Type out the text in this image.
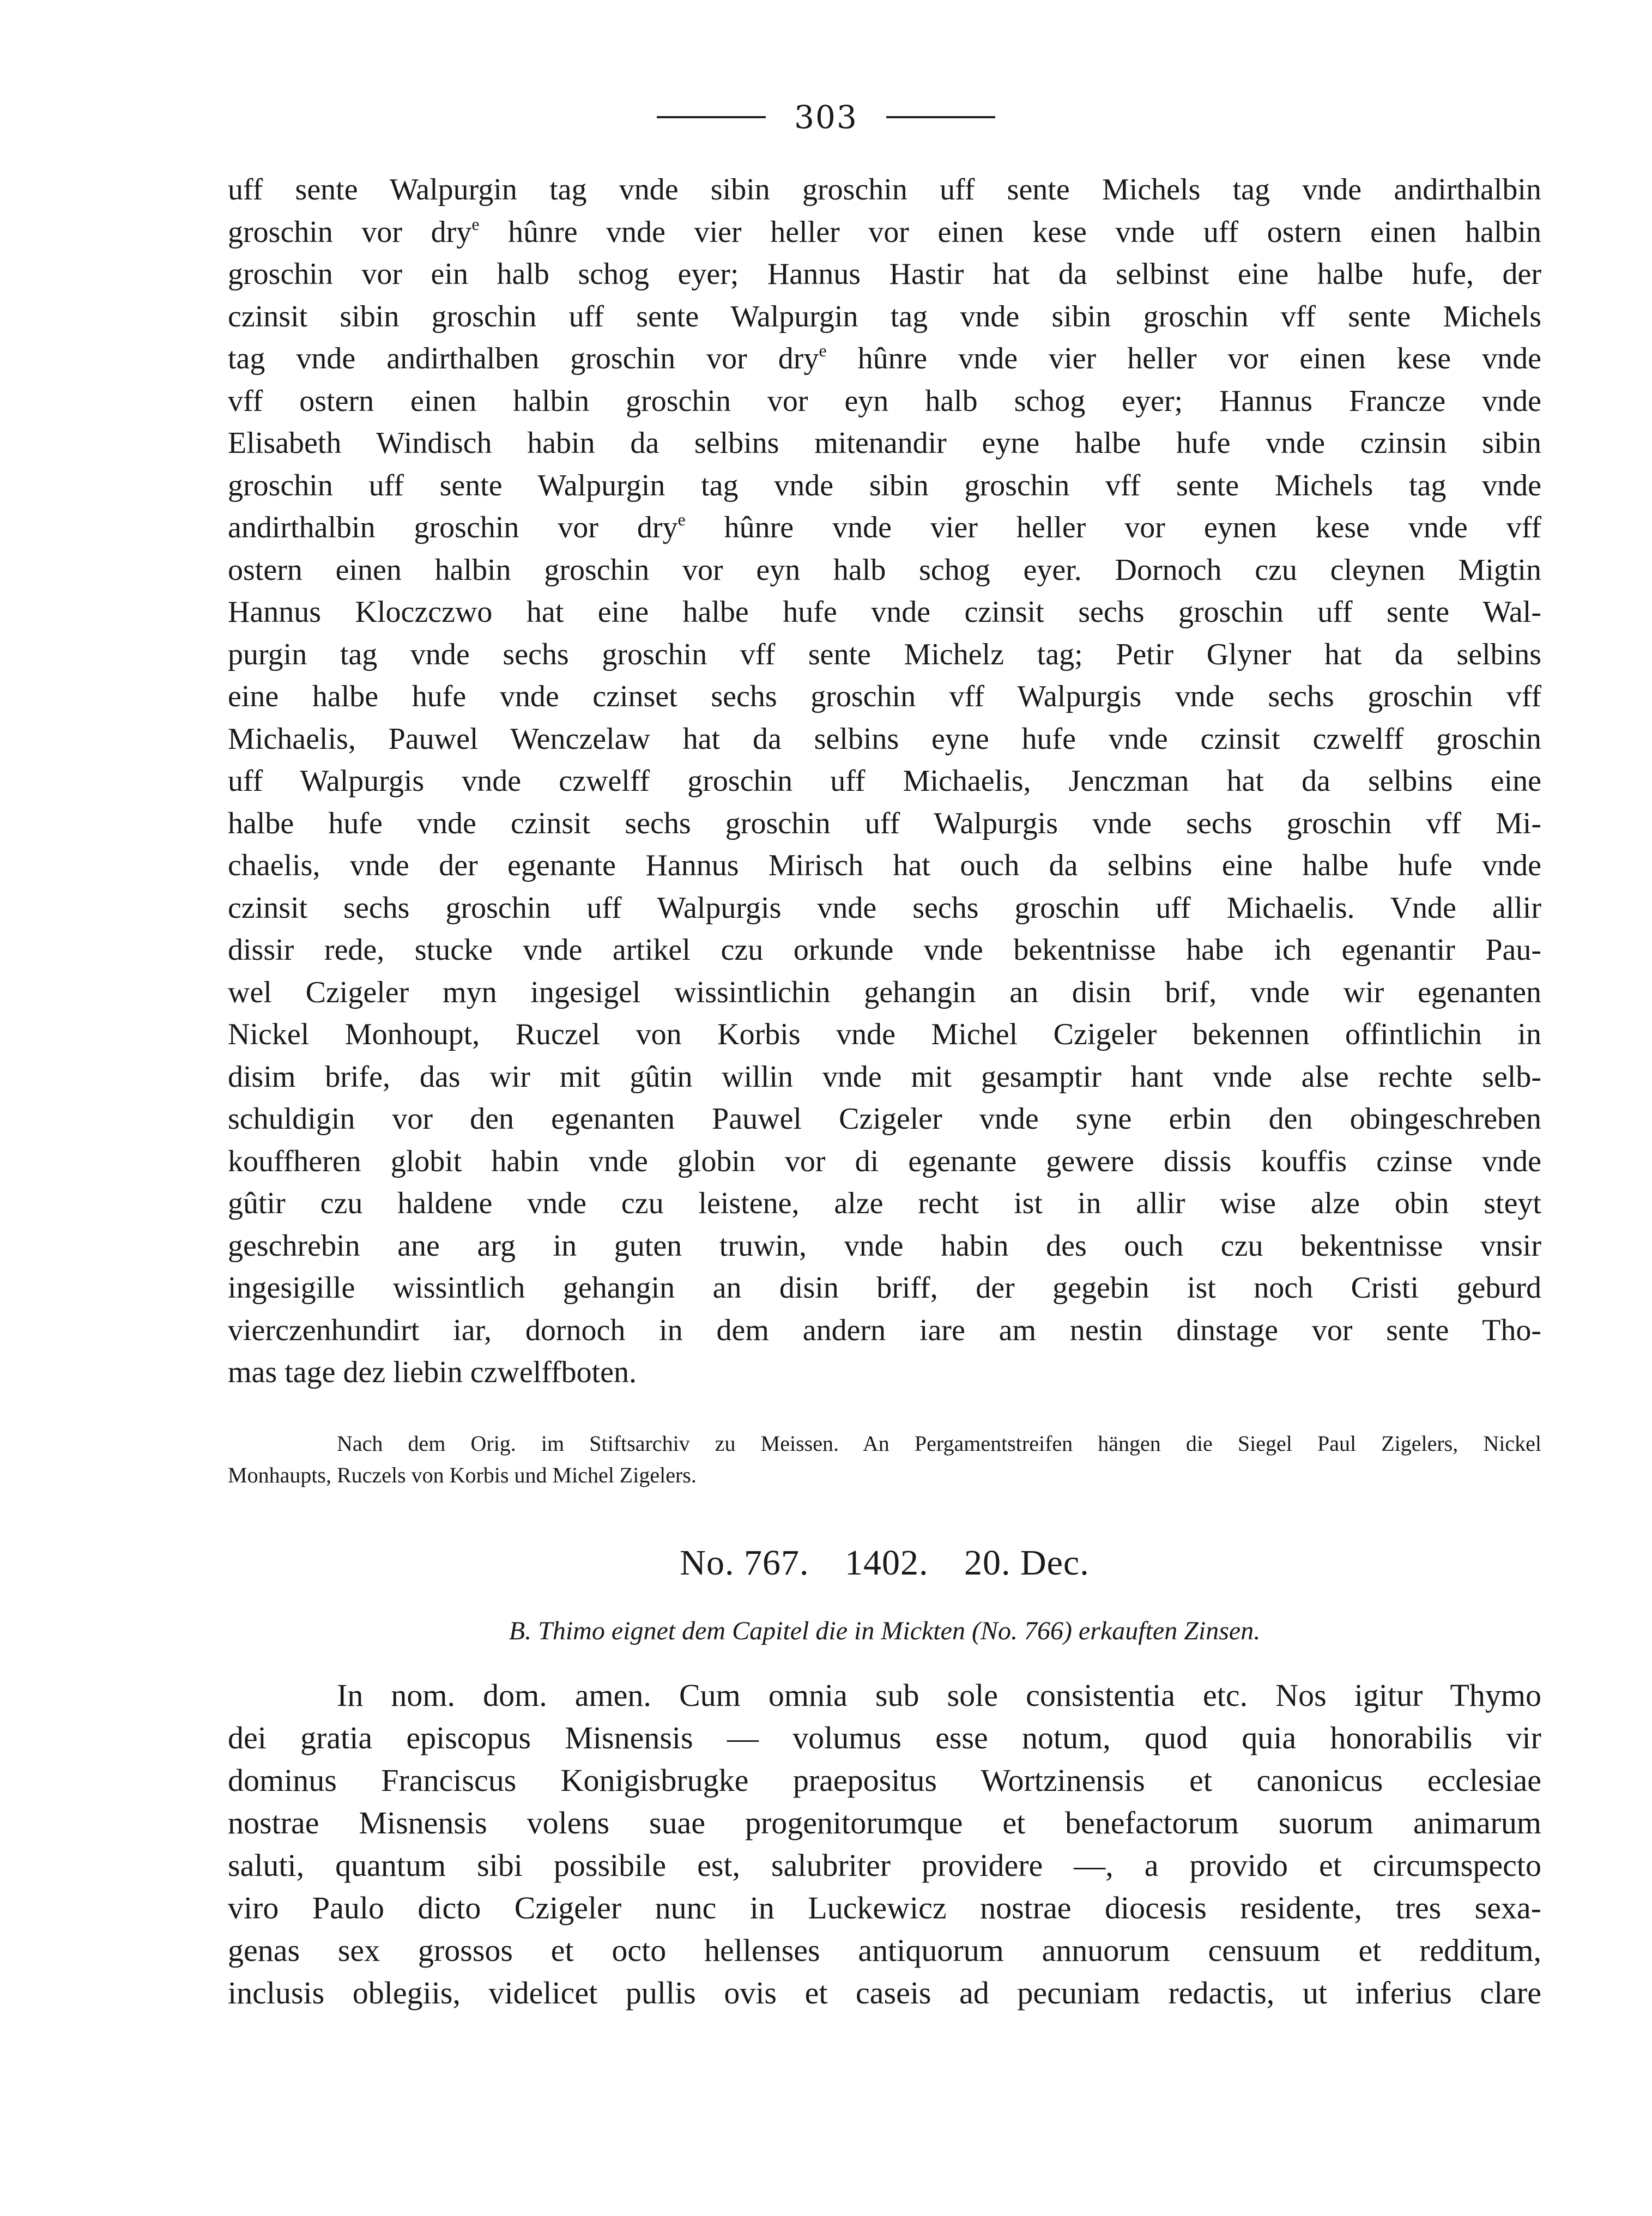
303
uff sente Walpurgin tag vnde sibin groschin uff sente Michels tag vnde andirthalbin
groschin vor dry$^e$ hûnre vnde vier heller vor einen kese vnde uff ostern einen halbin
groschin vor ein halb schog eyer; Hannus Hastir hat da selbinst eine halbe hufe, der
czinsit sibin groschin uff sente Walpurgin tag vnde sibin groschin vff sente Michels
tag vnde andirthalben groschin vor dry$^e$ hûnre vnde vier heller vor einen kese vnde
vff ostern einen halbin groschin vor eyn halb schog eyer; Hannus Francze vnde
Elisabeth Windisch habin da selbins mitenandir eyne halbe hufe vnde czinsin sibin
groschin uff sente Walpurgin tag vnde sibin groschin vff sente Michels tag vnde
andirthalbin groschin vor dry$^e$ hûnre vnde vier heller vor eynen kese vnde vff
ostern einen halbin groschin vor eyn halb schog eyer. Dornoch czu cleynen Migtin
Hannus Kloczczwo hat eine halbe hufe vnde czinsit sechs groschin uff sente Wal-
purgin tag vnde sechs groschin vff sente Michelz tag; Petir Glyner hat da selbins
eine halbe hufe vnde czinset sechs groschin vff Walpurgis vnde sechs groschin vff
Michaelis, Pauwel Wenczelaw hat da selbins eyne hufe vnde czinsit czwelff groschin
uff Walpurgis vnde czwelff groschin uff Michaelis, Jenczman hat da selbins eine
halbe hufe vnde czinsit sechs groschin uff Walpurgis vnde sechs groschin vff Mi-
chaelis, vnde der egenante Hannus Mirisch hat ouch da selbins eine halbe hufe vnde
czinsit sechs groschin uff Walpurgis vnde sechs groschin uff Michaelis. Vnde allir
dissir rede, stucke vnde artikel czu orkunde vnde bekentnisse habe ich egenantir Pau-
wel Czigeler myn ingesigel wissintlichin gehangin an disin brif, vnde wir egenanten
Nickel Monhoupt, Ruczel von Korbis vnde Michel Czigeler bekennen offintlichin in
disim brife, das wir mit gûtin willin vnde mit gesamptir hant vnde alse rechte selb-
schuldigin vor den egenanten Pauwel Czigeler vnde syne erbin den obingeschreben
kouffheren globit habin vnde globin vor di egenante gewere dissis kouffis czinse vnde
gûtir czu haldene vnde czu leistene, alze recht ist in allir wise alze obin steyt
geschrebin ane arg in guten truwin, vnde habin des ouch czu bekentnisse vnsir
ingesigille wissintlich gehangin an disin briff, der gegebin ist noch Cristi geburd
vierczenhundirt iar, dornoch in dem andern iare am nestin dinstage vor sente Tho-
mas tage dez liebin czwelffboten.
Nach dem Orig. im Stiftsarchiv zu Meissen. An Pergamentstreifen hängen die Siegel Paul Zigelers, Nickel
Monhaupts, Ruczels von Korbis und Michel Zigelers.
No. 767. 1402. 20. Dec.
B. Thimo eignet dem Capitel die in Mickten (No. 766) erkauften Zinsen.
In nom. dom. amen. Cum omnia sub sole consistentia etc. Nos igitur Thymo
dei gratia episcopus Misnensis — volumus esse notum, quod quia honorabilis vir
dominus Franciscus Konigisbrugke praepositus Wortzinensis et canonicus ecclesiae
nostrae Misnensis volens suae progenitorumque et benefactorum suorum animarum
saluti, quantum sibi possibile est, salubriter providere —, a provido et circumspecto
viro Paulo dicto Czigeler nunc in Luckewicz nostrae diocesis residente, tres sexa-
genas sex grossos et octo hellenses antiquorum annuorum censuum et redditum,
inclusis oblegiis, videlicet pullis ovis et caseis ad pecuniam redactis, ut inferius clare
